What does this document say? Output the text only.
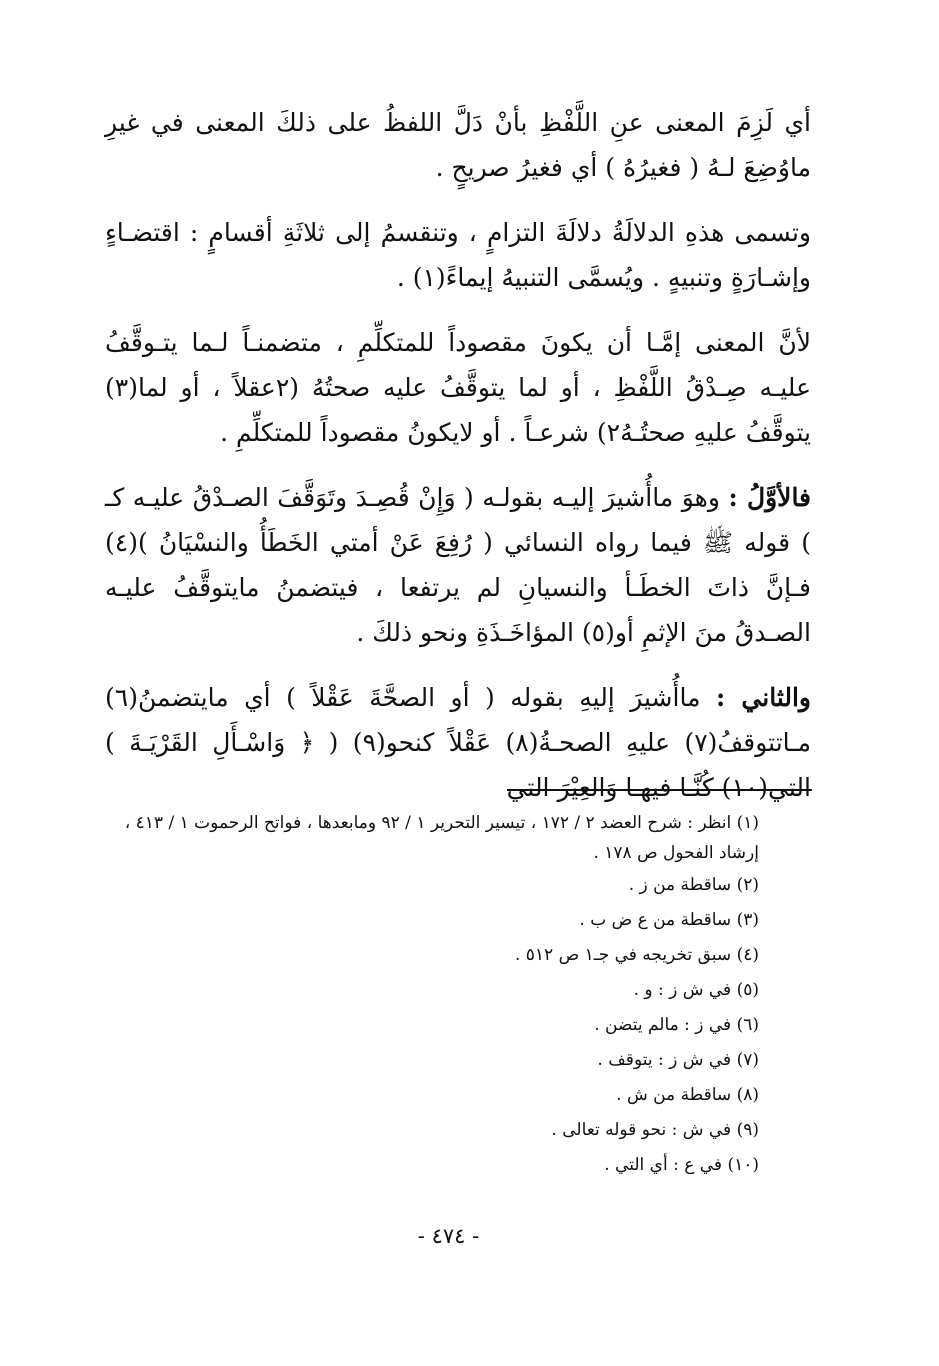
أي لَزِمَ المعنى عنِ اللَّفْظِ بأنْ دَلَّ اللفظُ على ذلكَ المعنى في غيرِ ماوُضِعَ لـهُ ( فغيرُهُ ) أي فغيرُ صريحٍ .

وتسمى هذهِ الدلالَةُ دلالَةَ التزامٍ ، وتنقسمُ إلى ثلاثَةِ أقسامٍ : اقتضـاءٍ وإشـارَةٍ وتنبيهٍ . ويُسمَّى التنبيهُ إيماءً(١) .

لأنَّ المعنى إمَّـا أن يكونَ مقصوداً للمتكلِّمِ ، متضمنـاً لـما يتـوقَّفُ عليـه صِـدْقُ اللَّفْظِ ، أو لما يتوقَّفُ عليه صحتُهُ (٢عقلاً ، أو لما(٣) يتوقَّفُ عليهِ صحتُـهُ٢) شرعـاً . أو لايكونُ مقصوداً للمتكلِّمِ .

فالأوَّلُ : وهوَ ماأُشيرَ إليـه بقولـه ( وَإِنْ قُصِـدَ وتَوَقَّفَ الصـدْقُ عليـه كـ ) قوله ﷺ فيما رواه النسائي ( رُفِعَ عَنْ أمتي الخَطَأُ والنسْيَانُ )(٤) فـإنَّ ذاتَ الخطَـأ والنسيانِ لم يرتفعا ، فيتضمنُ مايتوقَّفُ عليـه الصـدقُ منَ الإثمِ أو(٥) المؤاخَـذَةِ ونحو ذلكَ .

والثاني : ماأُشيرَ إليهِ بقوله ( أو الصحَّةَ عَقْلاً ) أي مايتضمنُ(٦) مـاتتوقفُ(٧) عليهِ الصحـةُ(٨) عَقْلاً كنحو(٩) ( ﴿ وَاسْـأَلِ القَرْيَـةَ ) التي(١٠) كُنَّـا فيهـا وَالعِيْرَ التي

(١) انظر : شرح العضد ٢ / ١٧٢ ، تيسير التحرير ١ / ٩٢ ومابعدها ، فواتح الرحموت ١ / ٤١٣ ، إرشاد الفحول ص ١٧٨ .

(٢) ساقطة من ز .

(٣) ساقطة من ع ض ب .

(٤) سبق تخريجه في جـ١ ص ٥١٢ .

(٥) في ش ز : و .

(٦) في ز : مالم يتضن .

(٧) في ش ز : يتوقف .

(٨) ساقطة من ش .

(٩) في ش : نحو قوله تعالى .

(١٠) في ع : أي التي .

- ٤٧٤ -
